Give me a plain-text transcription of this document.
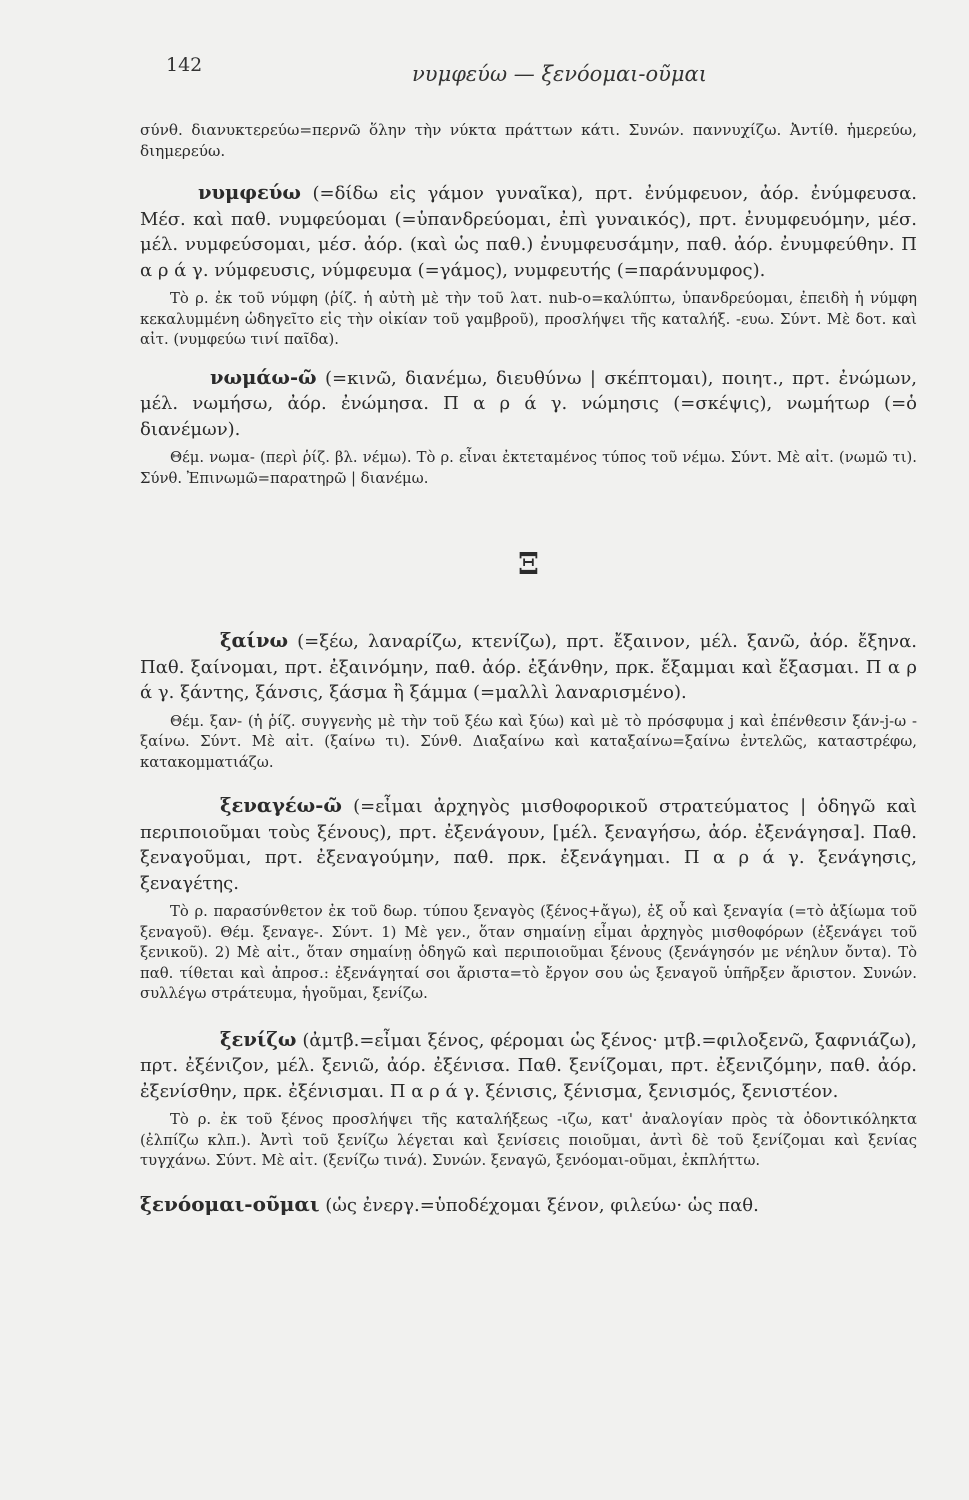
142	νυμφεύω — ξενόομαι-οῦμαι

σύνθ. διανυκτερεύω=περνῶ ὅλην τὴν νύκτα πράττων κάτι. Συνών. παννυχίζω. Ἀντίθ. ἡμερεύω, διημερεύω.

νυμφεύω (=δίδω εἰς γάμον γυναῖκα), πρτ. ἐνύμφευον, ἀόρ. ἐνύμφευσα. Μέσ. καὶ παθ. νυμφεύομαι (=ὑπανδρεύομαι, ἐπὶ γυναικός), πρτ. ἐνυμφευόμην, μέσ. μέλ. νυμφεύσομαι, μέσ. ἀόρ. (καὶ ὡς παθ.) ἐνυμφευσάμην, παθ. ἀόρ. ἐνυμφεύθην. Π α ρ ά γ. νύμφευσις, νύμφευμα (=γάμος), νυμφευτής (=παράνυμφος).

Τὸ ρ. ἐκ τοῦ νύμφη (ῥίζ. ἡ αὐτὴ μὲ τὴν τοῦ λατ. nub-o=καλύπτω, ὑπανδρεύομαι, ἐπειδὴ ἡ νύμφη κεκαλυμμένη ὡδηγεῖτο εἰς τὴν οἰκίαν τοῦ γαμβροῦ), προσλήψει τῆς καταλήξ. -ευω. Σύντ. Μὲ δοτ. καὶ αἰτ. (νυμφεύω τινί παῖδα).

νωμάω-ῶ (=κινῶ, διανέμω, διευθύνω | σκέπτομαι), ποιητ., πρτ. ἐνώμων, μέλ. νωμήσω, ἀόρ. ἐνώμησα. Π α ρ ά γ. νώμησις (=σκέψις), νωμήτωρ (=ὁ διανέμων).

Θέμ. νωμα- (περὶ ῥίζ. βλ. νέμω). Τὸ ρ. εἶναι ἐκτεταμένος τύπος τοῦ νέμω. Σύντ. Μὲ αἰτ. (νωμῶ τι). Σύνθ. Ἐπινωμῶ=παρατηρῶ | διανέμω.

Ξ

ξαίνω (=ξέω, λαναρίζω, κτενίζω), πρτ. ἔξαινον, μέλ. ξανῶ, ἀόρ. ἔξηνα. Παθ. ξαίνομαι, πρτ. ἐξαινόμην, παθ. ἀόρ. ἐξάνθην, πρκ. ἔξαμμαι καὶ ἔξασμαι. Π α ρ ά γ. ξάντης, ξάνσις, ξάσμα ἢ ξάμμα (=μαλλὶ λαναρισμένο).

Θέμ. ξαν- (ἡ ῥίζ. συγγενὴς μὲ τὴν τοῦ ξέω καὶ ξύω) καὶ μὲ τὸ πρόσφυμα j καὶ ἐπένθεσιν ξάν-j-ω - ξαίνω. Σύντ. Μὲ αἰτ. (ξαίνω τι). Σύνθ. Διαξαίνω καὶ καταξαίνω=ξαίνω ἐντελῶς, καταστρέφω, κατακομματιάζω.

ξεναγέω-ῶ (=εἶμαι ἀρχηγὸς μισθοφορικοῦ στρατεύματος | ὁδηγῶ καὶ περιποιοῦμαι τοὺς ξένους), πρτ. ἐξενάγουν, [μέλ. ξεναγήσω, ἀόρ. ἐξενάγησα]. Παθ. ξεναγοῦμαι, πρτ. ἐξεναγούμην, παθ. πρκ. ἐξενάγημαι. Π α ρ ά γ. ξενάγησις, ξεναγέτης.

Τὸ ρ. παρασύνθετον ἐκ τοῦ δωρ. τύπου ξεναγὸς (ξένος+ἄγω), ἐξ οὗ καὶ ξεναγία (=τὸ ἀξίωμα τοῦ ξεναγοῦ). Θέμ. ξεναγε-. Σύντ. 1) Μὲ γεν., ὅταν σημαίνῃ εἶμαι ἀρχηγὸς μισθοφόρων (ἐξενάγει τοῦ ξενικοῦ). 2) Μὲ αἰτ., ὅταν σημαίνῃ ὁδηγῶ καὶ περιποιοῦμαι ξένους (ξενάγησόν με νέηλυν ὄντα). Τὸ παθ. τίθεται καὶ ἀπροσ.: ἐξενάγηταί σοι ἄριστα=τὸ ἔργον σου ὡς ξεναγοῦ ὑπῆρξεν ἄριστον. Συνών. συλλέγω στράτευμα, ἡγοῦμαι, ξενίζω.

ξενίζω (ἀμτβ.=εἶμαι ξένος, φέρομαι ὡς ξένος· μτβ.=φιλοξενῶ, ξαφνιάζω), πρτ. ἐξένιζον, μέλ. ξενιῶ, ἀόρ. ἐξένισα. Παθ. ξενίζομαι, πρτ. ἐξενιζόμην, παθ. ἀόρ. ἐξενίσθην, πρκ. ἐξένισμαι. Π α ρ ά γ. ξένισις, ξένισμα, ξενισμός, ξενιστέον.

Τὸ ρ. ἐκ τοῦ ξένος προσλήψει τῆς καταλήξεως -ιζω, κατ' ἀναλογίαν πρὸς τὰ ὀδοντικόληκτα (ἐλπίζω κλπ.). Ἀντὶ τοῦ ξενίζω λέγεται καὶ ξενίσεις ποιοῦμαι, ἀντὶ δὲ τοῦ ξενίζομαι καὶ ξενίας τυγχάνω. Σύντ. Μὲ αἰτ. (ξενίζω τινά). Συνών. ξεναγῶ, ξενόομαι-οῦμαι, ἐκπλήττω.

ξενόομαι-οῦμαι (ὡς ἐνεργ.=ὑποδέχομαι ξένον, φιλεύω· ὡς παθ.
